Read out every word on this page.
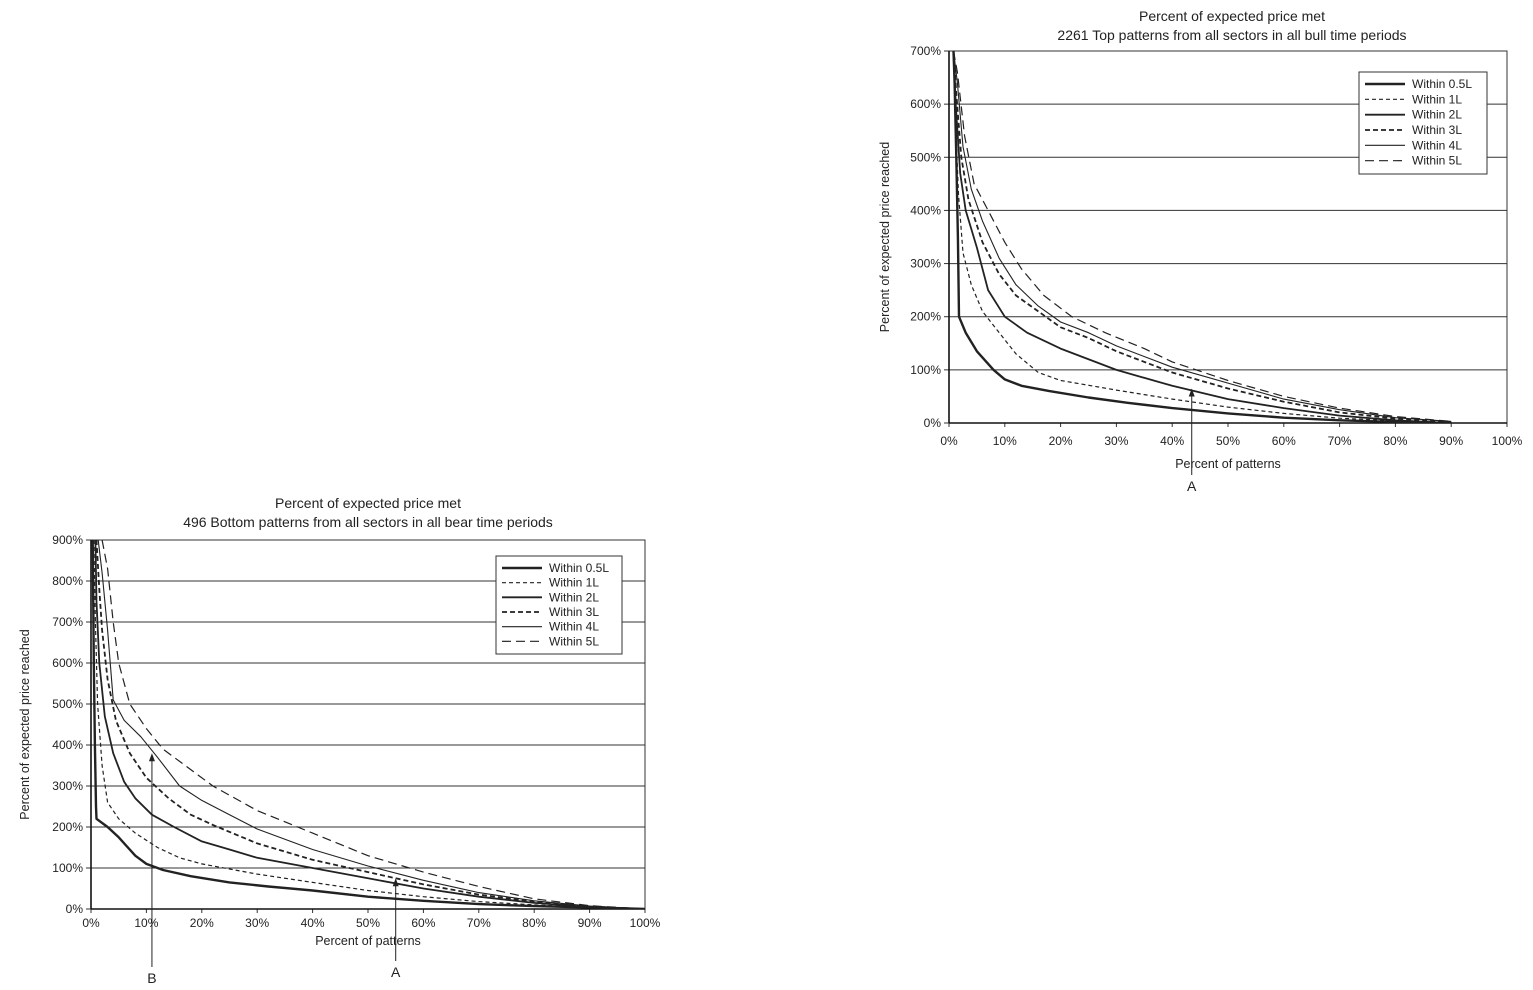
Percent of expected price met
2261 Top patterns from all sectors in all bull time periods
0%
100%
200%
300%
400%
500%
600%
700%
0%	10%	20%	30%	40%	50%	60%	70%	80%	90% 100%
Percent of patterns
Percent of expected price reached
Within 0.5L
Within 1L
Within 2L
Within 3L
Within 4L
Within 5L
A
Percent of expected price met
496 Bottom patterns from all sectors in all bear time periods
0%
100%
200%
300%
400%
500%
600%
700%
800%
900%
0%	10%	20%	30%	40%	50%	60%	70%	80%	90% 100%
Percent of patterns
Percent of expected price reached
Within 0.5L
Within 1L
Within 2L
Within 3L
Within 4L
Within 5L
A
B
